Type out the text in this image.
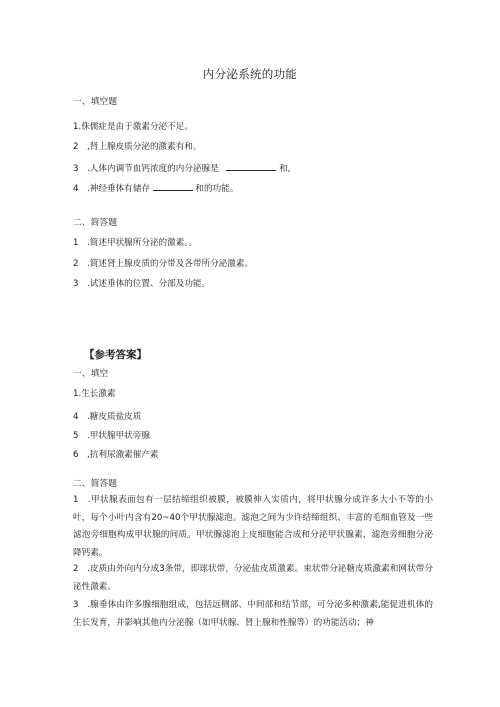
内分泌系统的功能
一、填空题
1.侏儒症是由于激素分泌不足。
2　,肾上腺皮质分泌的激素有和。
3　.人体内调节血钙浓度的内分泌腺是	和,
4　.神经垂体有储存	和的功能。
二、简答题
1　.简述甲状腺所分泌的激素。。
2　.简述肾上腺皮质的分带及各带所分泌激素。
3　.试述垂体的位置、分部及功能。
【参考答案】
一、填空
1.生长激素
4　.糖皮质盐皮质
5　.甲状腺甲状旁腺
6　,抗利尿激素催产素
二、简答题
1　.甲状腺表面包有一层结缔组织被膜，被膜伸入实质内，将甲状腺分成许多大小不等的小叶，每个小叶内含有20~40个甲状腺滤泡。滤泡之间为少许结缔组织、丰富的毛细血管及一些滤泡旁细胞构成甲状腺的间质。甲状腺滤泡上皮细胞能合成和分泌甲状腺素，滤泡旁细胞分泌降钙素。
2　.皮质由外向内分成3条带，即球状带，分泌盐皮质激素。束状带分泌糖皮质激素和网状带分泌性激素。
3　.腺垂体由许多腺细胞组成，包括远侧部、中间部和结节部，可分泌多种激素,能促进机体的生长发育，并影响其他内分泌腺（如甲状腺、肾上腺和性腺等）的功能活动；神
